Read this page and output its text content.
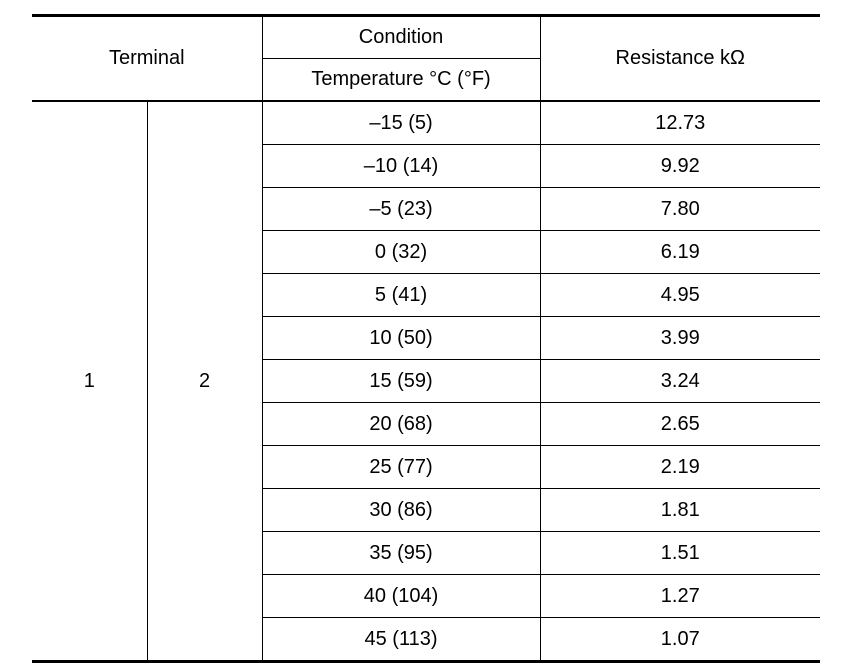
Terminal		Condition	Resistance kΩ
		Temperature °C (°F)	
1	2	–15 (5)	12.73
		–10 (14)	9.92
		–5 (23)	7.80
		0 (32)	6.19
		5 (41)	4.95
		10 (50)	3.99
		15 (59)	3.24
		20 (68)	2.65
		25 (77)	2.19
		30 (86)	1.81
		35 (95)	1.51
		40 (104)	1.27
		45 (113)	1.07
